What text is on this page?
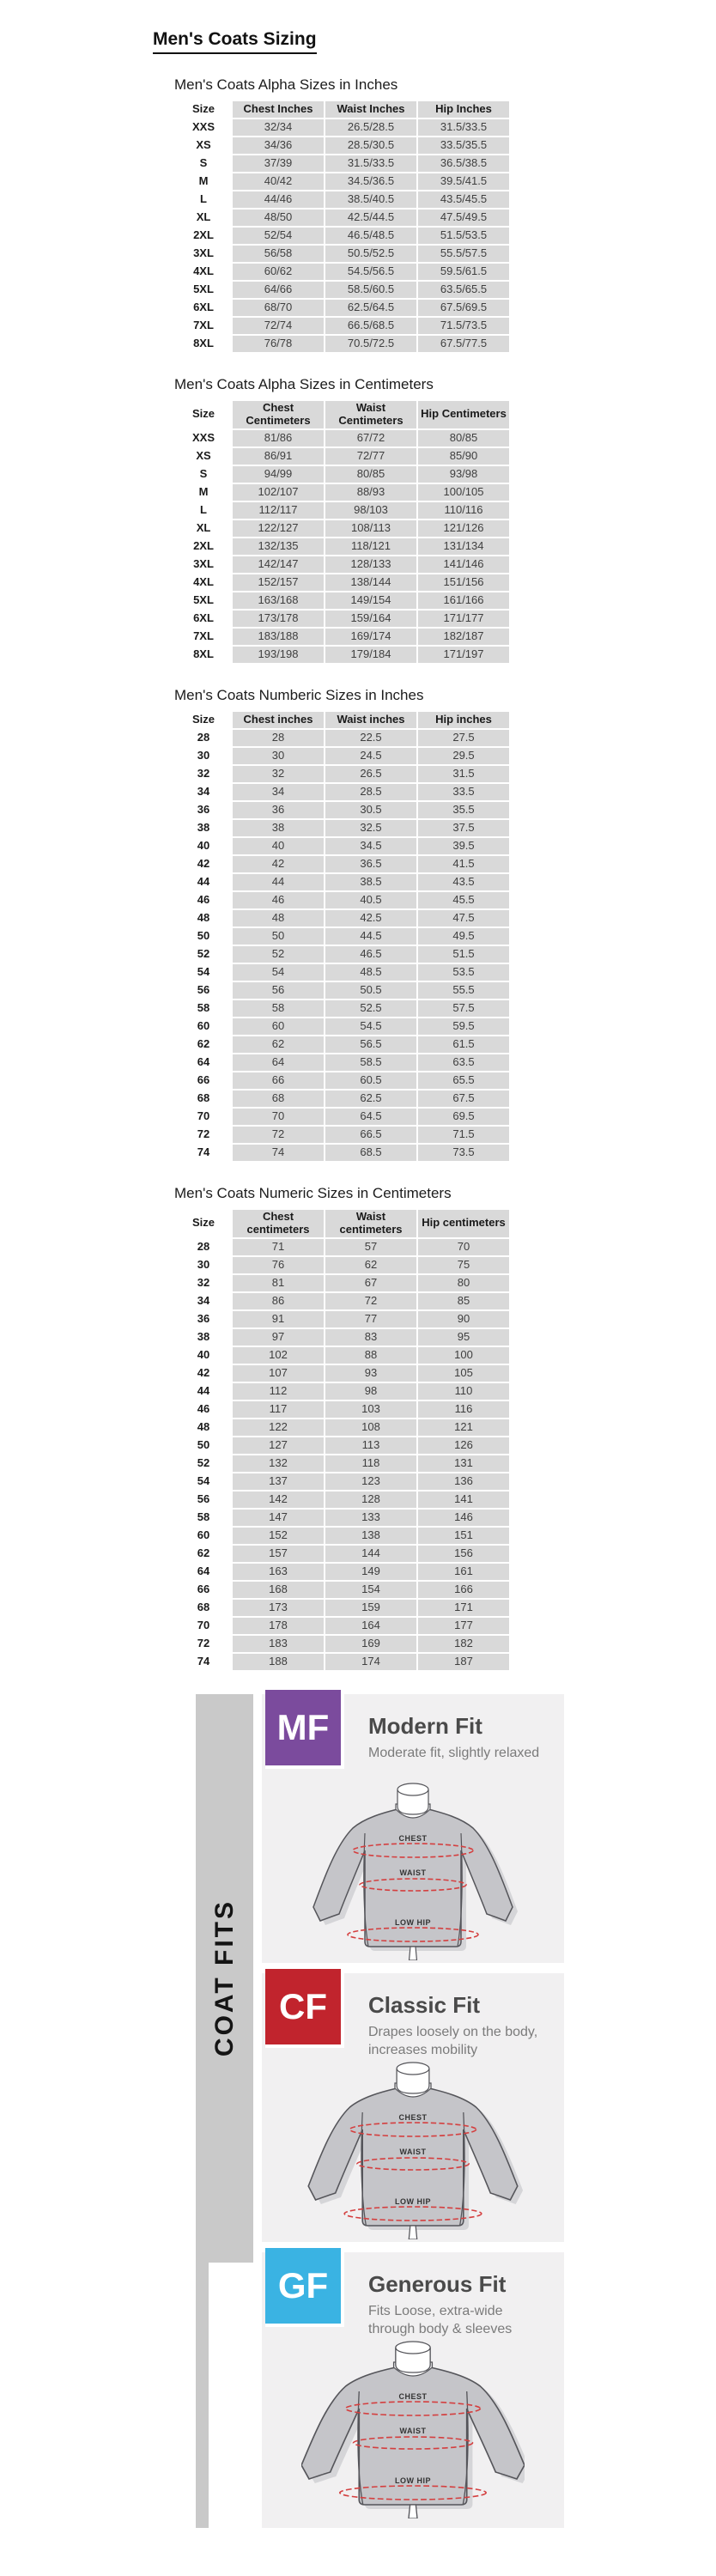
Men's Coats Sizing
Men's Coats Alpha Sizes in Inches
Size	Chest Inches	Waist Inches	Hip Inches
XXS	32/34	26.5/28.5	31.5/33.5
XS	34/36	28.5/30.5	33.5/35.5
S	37/39	31.5/33.5	36.5/38.5
M	40/42	34.5/36.5	39.5/41.5
L	44/46	38.5/40.5	43.5/45.5
XL	48/50	42.5/44.5	47.5/49.5
2XL	52/54	46.5/48.5	51.5/53.5
3XL	56/58	50.5/52.5	55.5/57.5
4XL	60/62	54.5/56.5	59.5/61.5
5XL	64/66	58.5/60.5	63.5/65.5
6XL	68/70	62.5/64.5	67.5/69.5
7XL	72/74	66.5/68.5	71.5/73.5
8XL	76/78	70.5/72.5	67.5/77.5
Men's Coats Alpha Sizes in Centimeters
Size	Chest Centimeters	Waist Centimeters	Hip Centimeters
XXS	81/86	67/72	80/85
XS	86/91	72/77	85/90
S	94/99	80/85	93/98
M	102/107	88/93	100/105
L	112/117	98/103	110/116
XL	122/127	108/113	121/126
2XL	132/135	118/121	131/134
3XL	142/147	128/133	141/146
4XL	152/157	138/144	151/156
5XL	163/168	149/154	161/166
6XL	173/178	159/164	171/177
7XL	183/188	169/174	182/187
8XL	193/198	179/184	171/197
Men's Coats Numberic Sizes in Inches
Size	Chest inches	Waist inches	Hip inches
28	28	22.5	27.5
30	30	24.5	29.5
32	32	26.5	31.5
34	34	28.5	33.5
36	36	30.5	35.5
38	38	32.5	37.5
40	40	34.5	39.5
42	42	36.5	41.5
44	44	38.5	43.5
46	46	40.5	45.5
48	48	42.5	47.5
50	50	44.5	49.5
52	52	46.5	51.5
54	54	48.5	53.5
56	56	50.5	55.5
58	58	52.5	57.5
60	60	54.5	59.5
62	62	56.5	61.5
64	64	58.5	63.5
66	66	60.5	65.5
68	68	62.5	67.5
70	70	64.5	69.5
72	72	66.5	71.5
74	74	68.5	73.5
Men's Coats Numeric Sizes in Centimeters
Size	Chest centimeters	Waist centimeters	Hip centimeters
28	71	57	70
30	76	62	75
32	81	67	80
34	86	72	85
36	91	77	90
38	97	83	95
40	102	88	100
42	107	93	105
44	112	98	110
46	117	103	116
48	122	108	121
50	127	113	126
52	132	118	131
54	137	123	136
56	142	128	141
58	147	133	146
60	152	138	151
62	157	144	156
64	163	149	161
66	168	154	166
68	173	159	171
70	178	164	177
72	183	169	182
74	188	174	187
COAT FITS
MF	Modern Fit
Moderate fit, slightly relaxed
CHEST
WAIST
LOW HIP
CF	Classic Fit
Drapes loosely on the body, increases mobility
CHEST
WAIST
LOW HIP
GF	Generous Fit
Fits Loose, extra-wide through body & sleeves
CHEST
WAIST
LOW HIP
